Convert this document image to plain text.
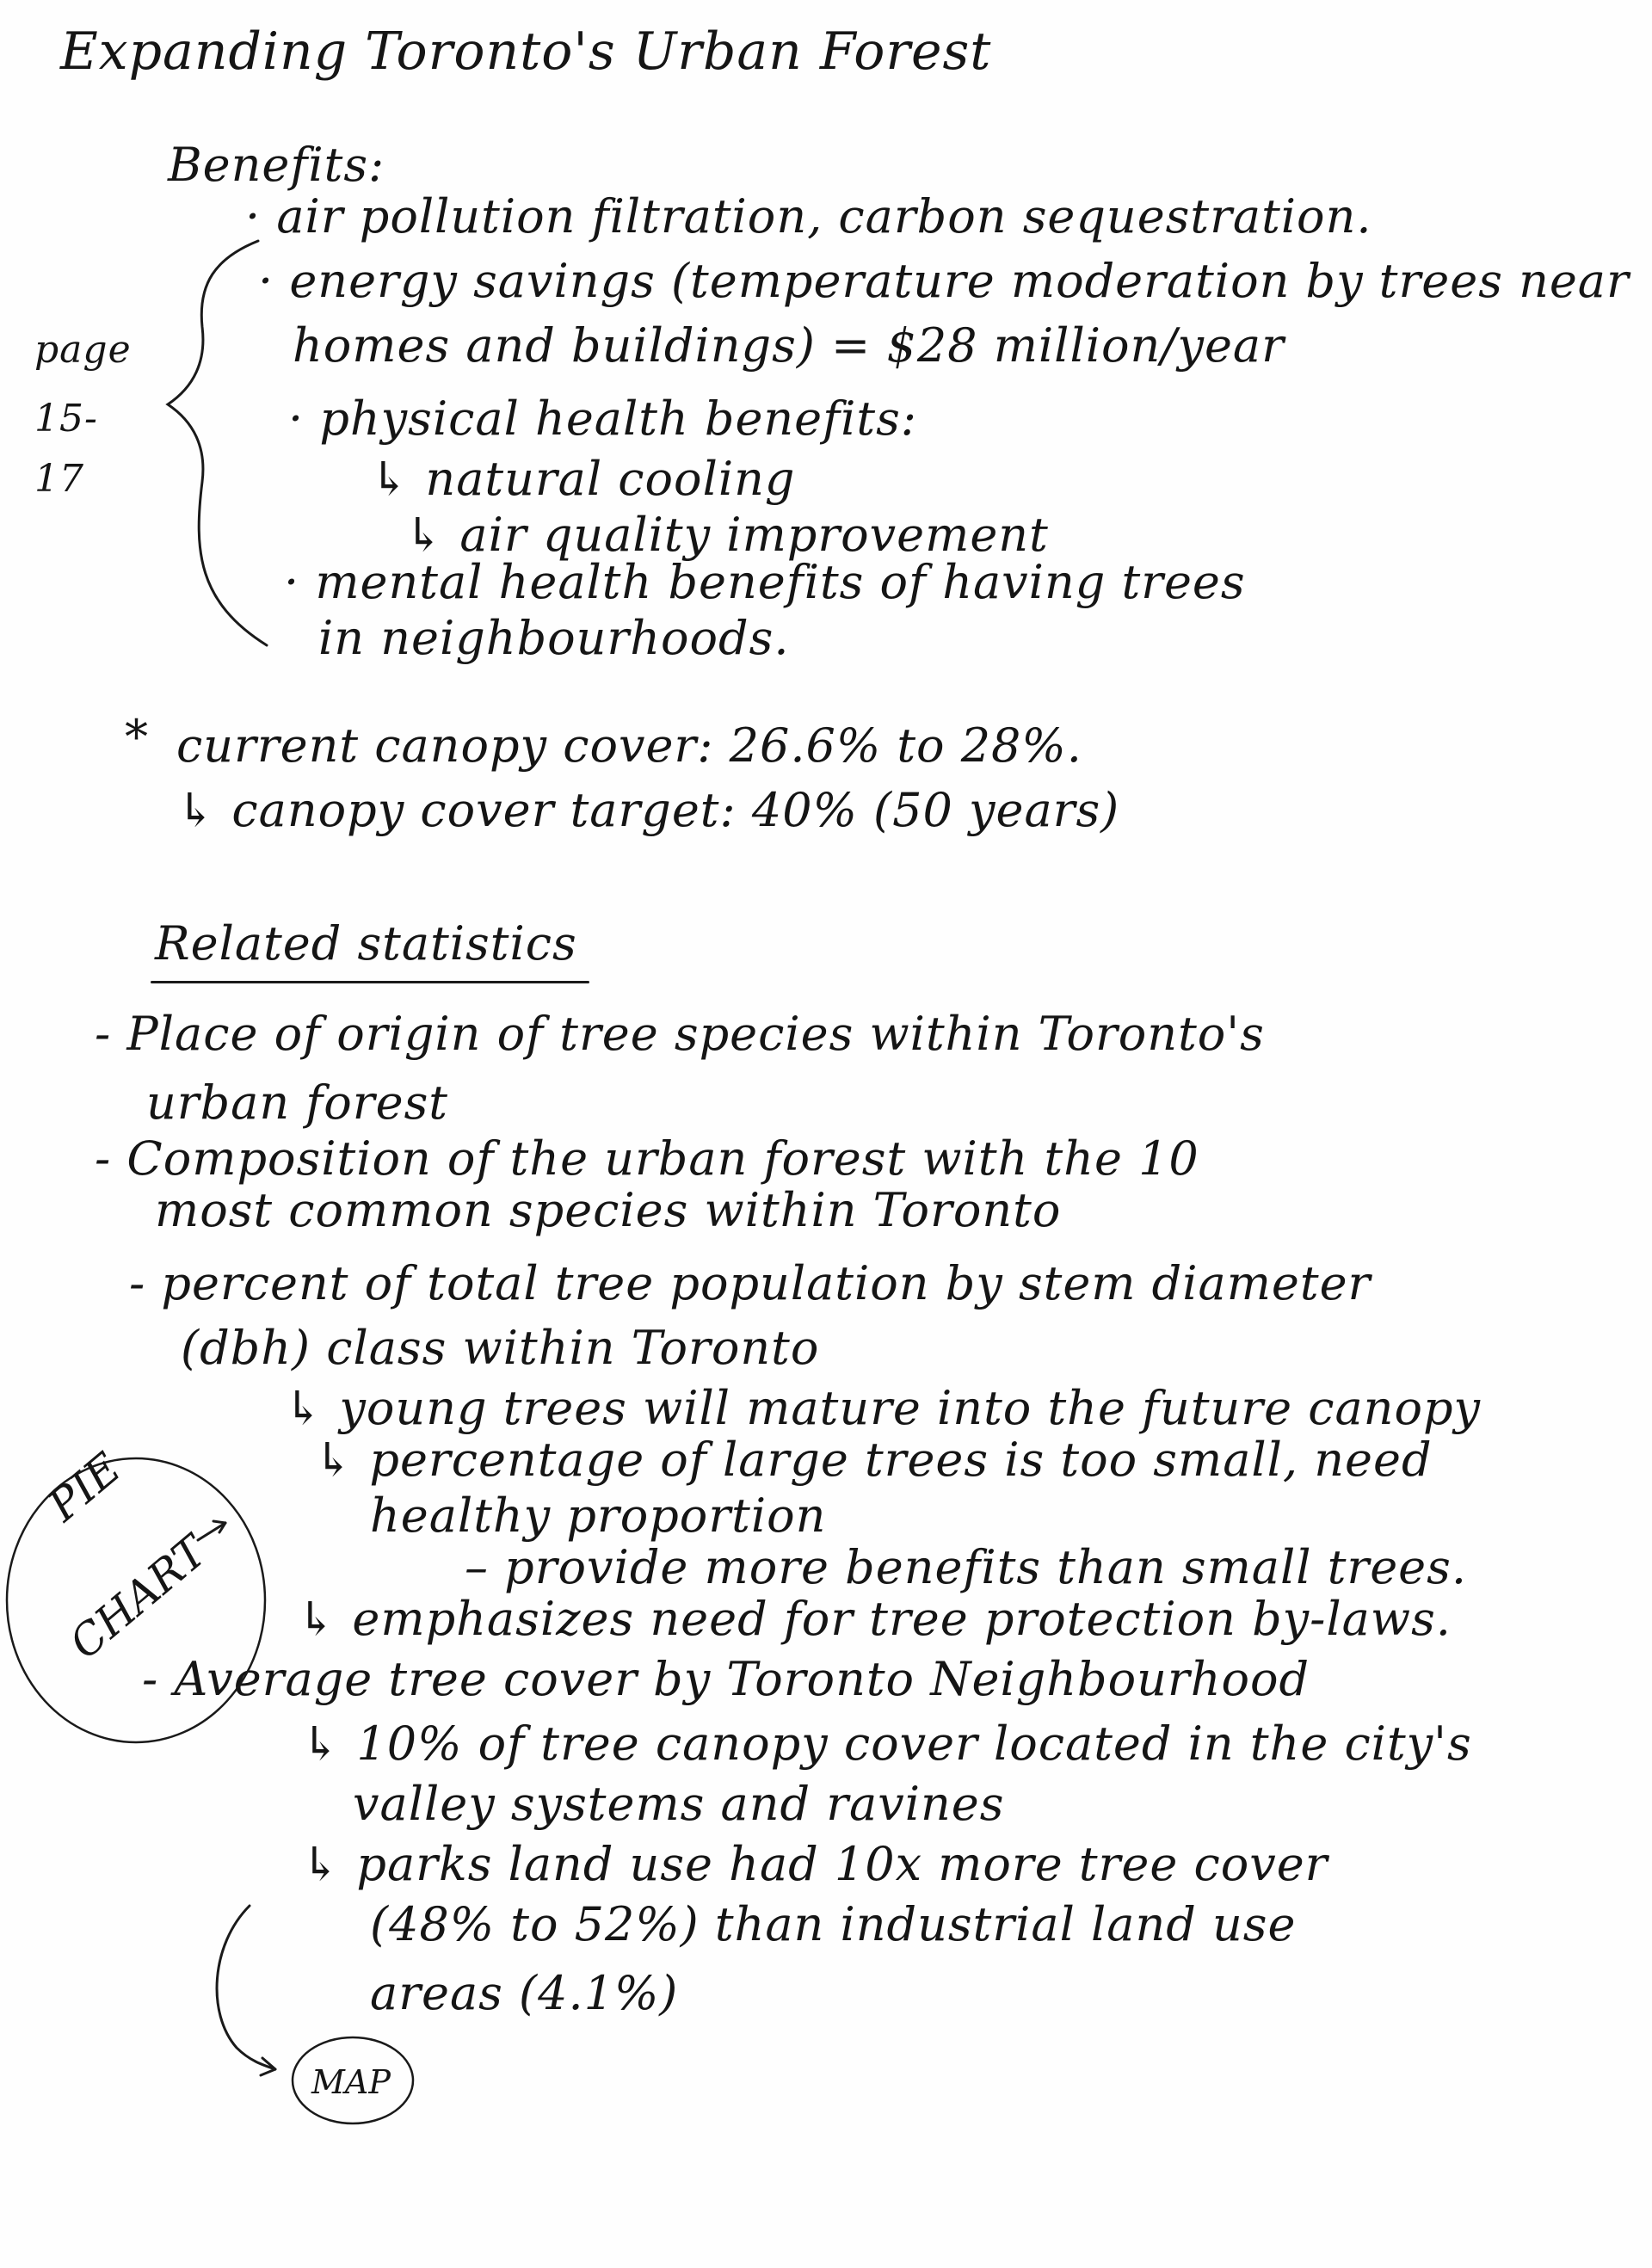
Expanding Toronto's Urban Forest
Benefits:
page
15-
17
· air pollution filtration, carbon sequestration.
· energy savings (temperature moderation by trees near
homes and buildings) = $28 million/year
· physical health benefits:
↳ natural cooling
↳ air quality improvement
· mental health benefits of having trees
in neighbourhoods.
* current canopy cover: 26.6% to 28%.
↳ canopy cover target: 40% (50 years)
Related statistics
- Place of origin of tree species within Toronto's
urban forest
- Composition of the urban forest with the 10
most common species within Toronto
- percent of total tree population by stem diameter
(dbh) class within Toronto
↳ young trees will mature into the future canopy
↳ percentage of large trees is too small, need
healthy proportion
– provide more benefits than small trees.
↳ emphasizes need for tree protection by-laws.
- Average tree cover by Toronto Neighbourhood
↳ 10% of tree canopy cover located in the city's
valley systems and ravines
↳ parks land use had 10x more tree cover
(48% to 52%) than industrial land use
areas (4.1%)
PIE
CHART
MAP
